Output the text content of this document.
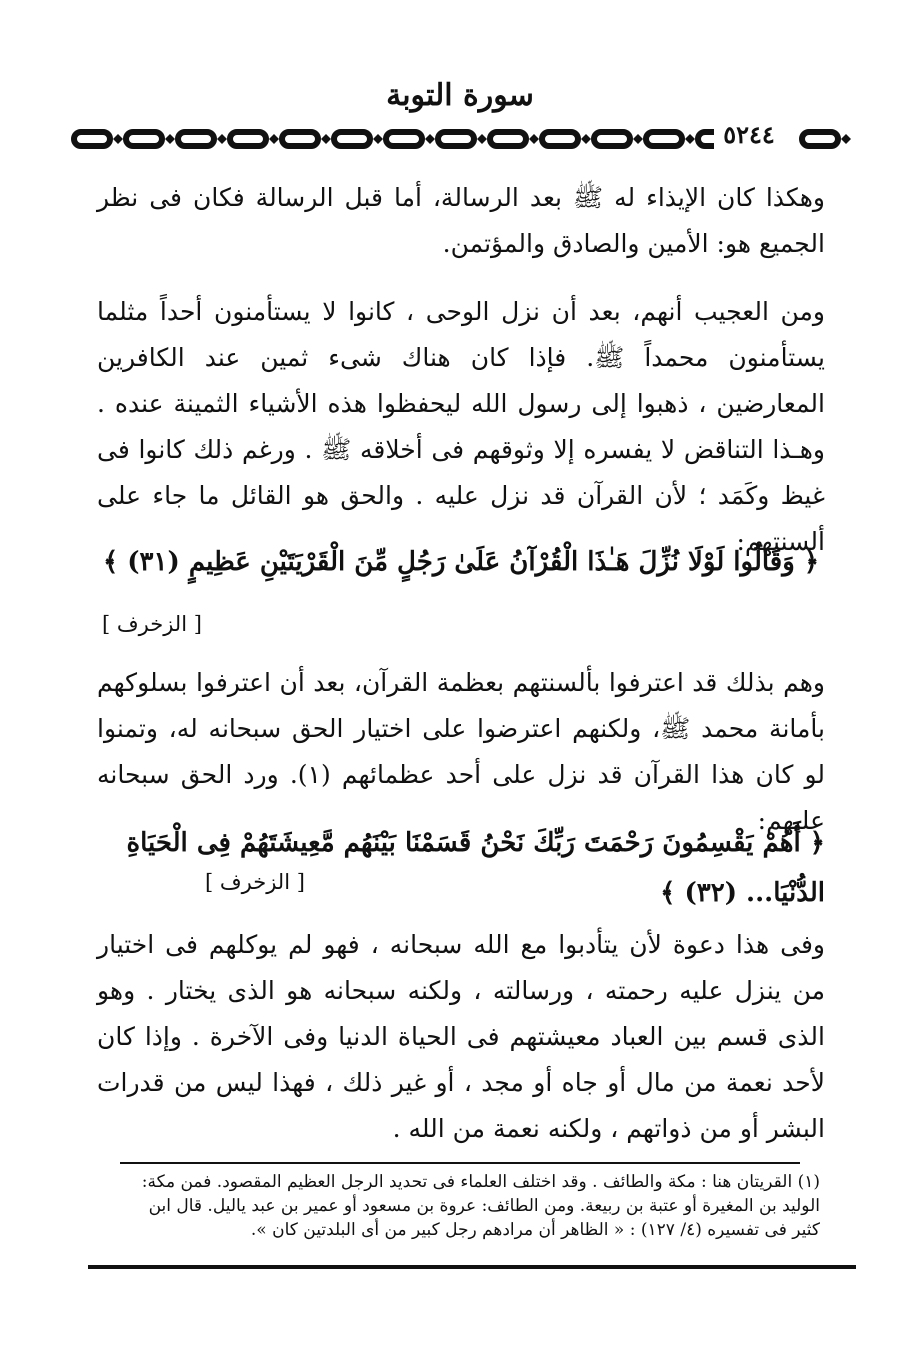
سورة التوبة
٥٢٤٤

وهكذا كان الإيذاء له ﷺ بعد الرسالة، أما قبل الرسالة فكان فى نظر الجميع هو: الأمين والصادق والمؤتمن.

ومن العجيب أنهم، بعد أن نزل الوحى ، كانوا لا يستأمنون أحداً مثلما يستأمنون محمداً ﷺ. فإذا كان هناك شىء ثمين عند الكافرين المعارضين ، ذهبوا إلى رسول الله ليحفظوا هذه الأشياء الثمينة عنده . وهـذا التناقض لا يفسره إلا وثوقهم فى أخلاقه ﷺ . ورغم ذلك كانوا فى غيظ وكَمَد ؛ لأن القرآن قد نزل عليه . والحق هو القائل ما جاء على ألسنتهم:

﴿ وَقَالُوا لَوْلَا نُزِّلَ هَـٰذَا الْقُرْآنُ عَلَىٰ رَجُلٍ مِّنَ الْقَرْيَتَيْنِ عَظِيمٍ (٣١) ﴾

[ الزخرف ]

وهم بذلك قد اعترفوا بألسنتهم بعظمة القرآن، بعد أن اعترفوا بسلوكهم بأمانة محمد ﷺ، ولكنهم اعترضوا على اختيار الحق سبحانه له، وتمنوا لو كان هذا القرآن قد نزل على أحد عظمائهم (١). ورد الحق سبحانه عليهم:

﴿ أَهُمْ يَقْسِمُونَ رَحْمَتَ رَبِّكَ نَحْنُ قَسَمْنَا بَيْنَهُم مَّعِيشَتَهُمْ فِى الْحَيَاةِ

الدُّنْيَا... (٣٢) ﴾

[ الزخرف ]

وفى هذا دعوة لأن يتأدبوا مع الله سبحانه ، فهو لم يوكلهم فى اختيار من ينزل عليه رحمته ، ورسالته ، ولكنه سبحانه هو الذى يختار . وهو الذى قسم بين العباد معيشتهم فى الحياة الدنيا وفى الآخرة . وإذا كان لأحد نعمة من مال أو جاه أو مجد ، أو غير ذلك ، فهذا ليس من قدرات البشر أو من ذواتهم ، ولكنه نعمة من الله .

(١) القريتان هنا : مكة والطائف . وقد اختلف العلماء فى تحديد الرجل العظيم المقصود. فمن مكة: الوليد بن المغيرة أو عتبة بن ربيعة. ومن الطائف: عروة بن مسعود أو عمير بن عبد ياليل. قال ابن كثير فى تفسيره (٤/ ١٢٧) : « الظاهر أن مرادهم رجل كبير من أى البلدتين كان ».
